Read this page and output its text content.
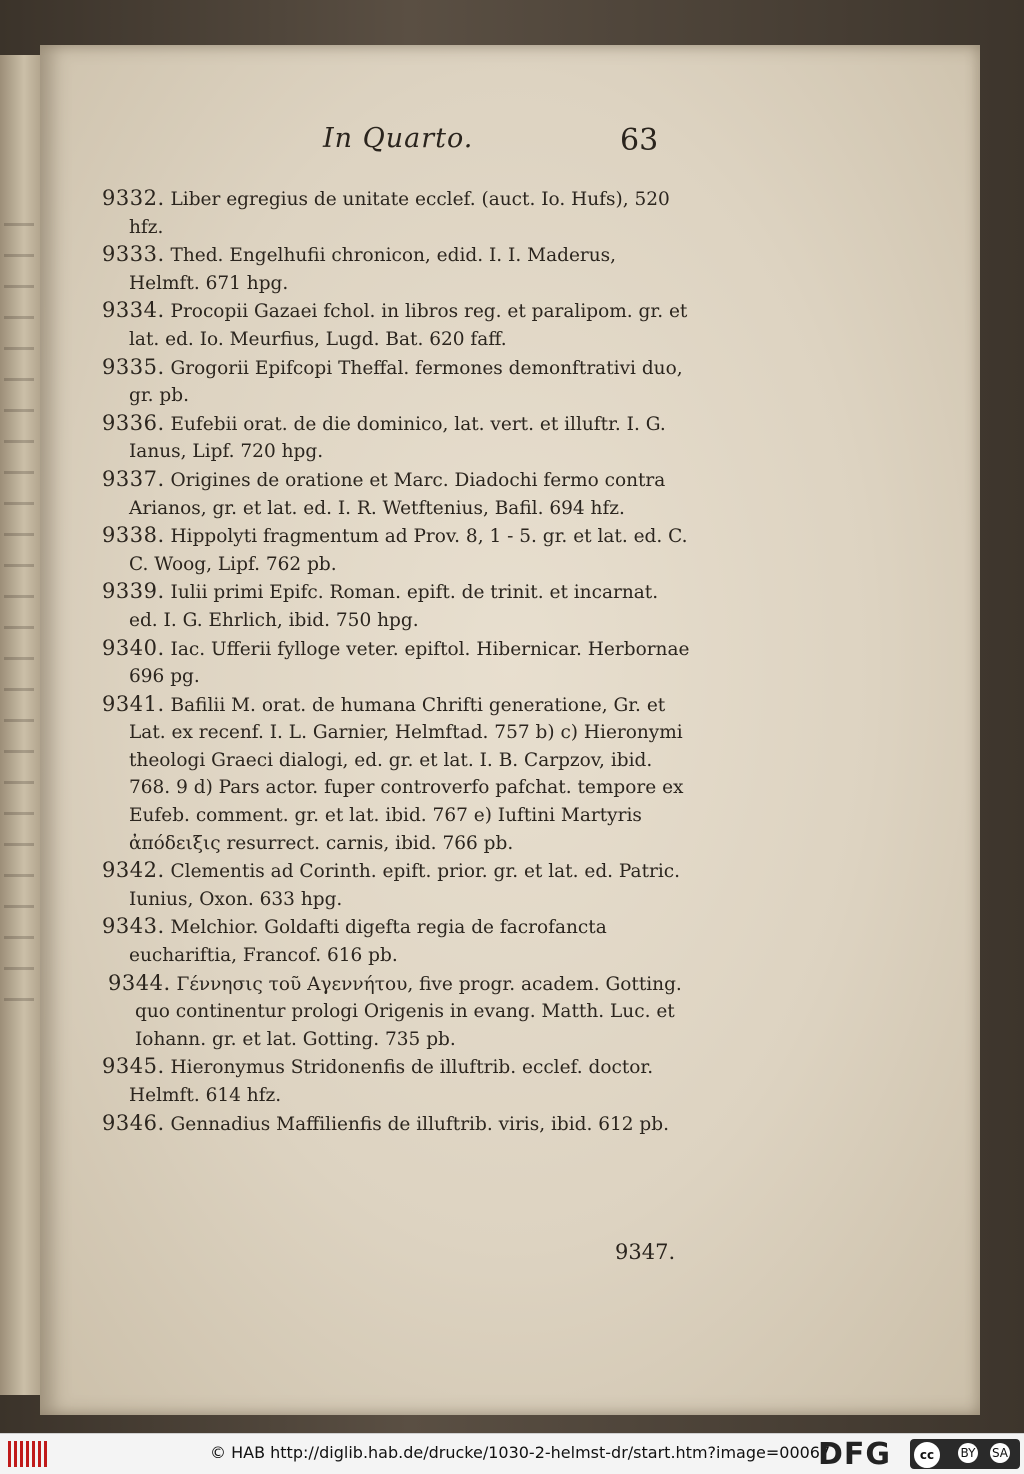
In Quarto.	63

9332. Liber egregius de unitate ecclef. (auct. Io. Hufs), 520 hfz.

9333. Thed. Engelhufii chronicon, edid. I. I. Maderus, Helmft. 671 hpg.

9334. Procopii Gazaei fchol. in libros reg. et paralipom. gr. et lat. ed. Io. Meurfius, Lugd. Bat. 620 faff.

9335. Grogorii Epifcopi Theffal. fermones demonftrativi duo, gr. pb.

9336. Eufebii orat. de die dominico, lat. vert. et illuftr. I. G. Ianus, Lipf. 720 hpg.

9337. Origines de oratione et Marc. Diadochi fermo contra Arianos, gr. et lat. ed. I. R. Wetftenius, Bafil. 694 hfz.

9338. Hippolyti fragmentum ad Prov. 8, 1 - 5. gr. et lat. ed. C. C. Woog, Lipf. 762 pb.

9339. Iulii primi Epifc. Roman. epift. de trinit. et incarnat. ed. I. G. Ehrlich, ibid. 750 hpg.

9340. Iac. Ufferii fylloge veter. epiftol. Hibernicar. Herbornae 696 pg.

9341. Bafilii M. orat. de humana Chrifti generatione, Gr. et Lat. ex recenf. I. L. Garnier, Helmftad. 757 b) c) Hieronymi theologi Graeci dialogi, ed. gr. et lat. I. B. Carpzov, ibid. 768. 9 d) Pars actor. fuper controverfo pafchat. tempore ex Eufeb. comment. gr. et lat. ibid. 767 e) Iuftini Martyris ἀπόδειξις resurrect. carnis, ibid. 766 pb.

9342. Clementis ad Corinth. epift. prior. gr. et lat. ed. Patric. Iunius, Oxon. 633 hpg.

9343. Melchior. Goldafti digefta regia de facrofancta euchariftia, Francof. 616 pb.

9344. Γέννησις τοῦ Αγεννήτου, five progr. academ. Gotting. quo continentur prologi Origenis in evang. Matth. Luc. et Iohann. gr. et lat. Gotting. 735 pb.

9345. Hieronymus Stridonenfis de illuftrib. ecclef. doctor. Helmft. 614 hfz.

9346. Gennadius Maffilienfis de illuftrib. viris, ibid. 612 pb.

9347.
© HAB http://diglib.hab.de/drucke/1030-2-helmst-dr/start.htm?image=00067
DFG	cc	BY SA
